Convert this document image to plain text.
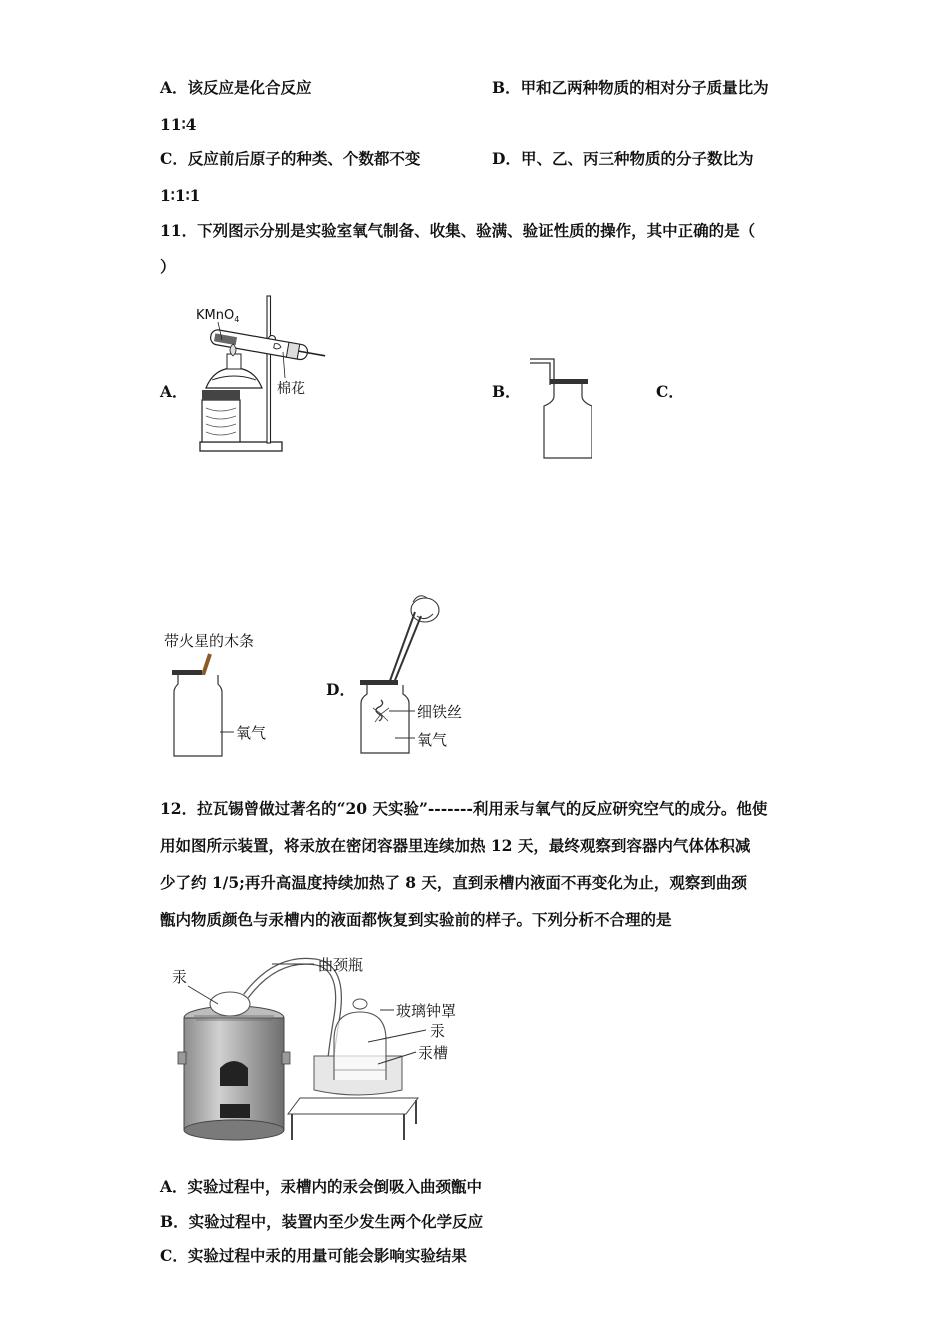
A．该反应是化合反应	B．甲和乙两种物质的相对分子质量比为
11∶4
C．反应前后原子的种类、个数都不变	D．甲、乙、丙三种物质的分子数比为
1∶1∶1
11．下列图示分别是实验室氧气制备、收集、验满、验证性质的操作，其中正确的是（
）
A．	B．	C．
D．
KMnO$_4$
棉花
带火星的木条
氧气
细铁丝
氧气
12．拉瓦锡曾做过著名的“20 天实验”-------利用汞与氧气的反应研究空气的成分。他使
用如图所示装置，将汞放在密闭容器里连续加热 12 天，最终观察到容器内气体体积减
少了约 1/5;再升高温度持续加热了 8 天，直到汞槽内液面不再变化为止，观察到曲颈
甑内物质颜色与汞槽内的液面都恢复到实验前的样子。下列分析不合理的是
汞
曲颈瓶
玻璃钟罩
汞
汞槽
A．实验过程中，汞槽内的汞会倒吸入曲颈甑中
B．实验过程中，装置内至少发生两个化学反应
C．实验过程中汞的用量可能会影响实验结果
